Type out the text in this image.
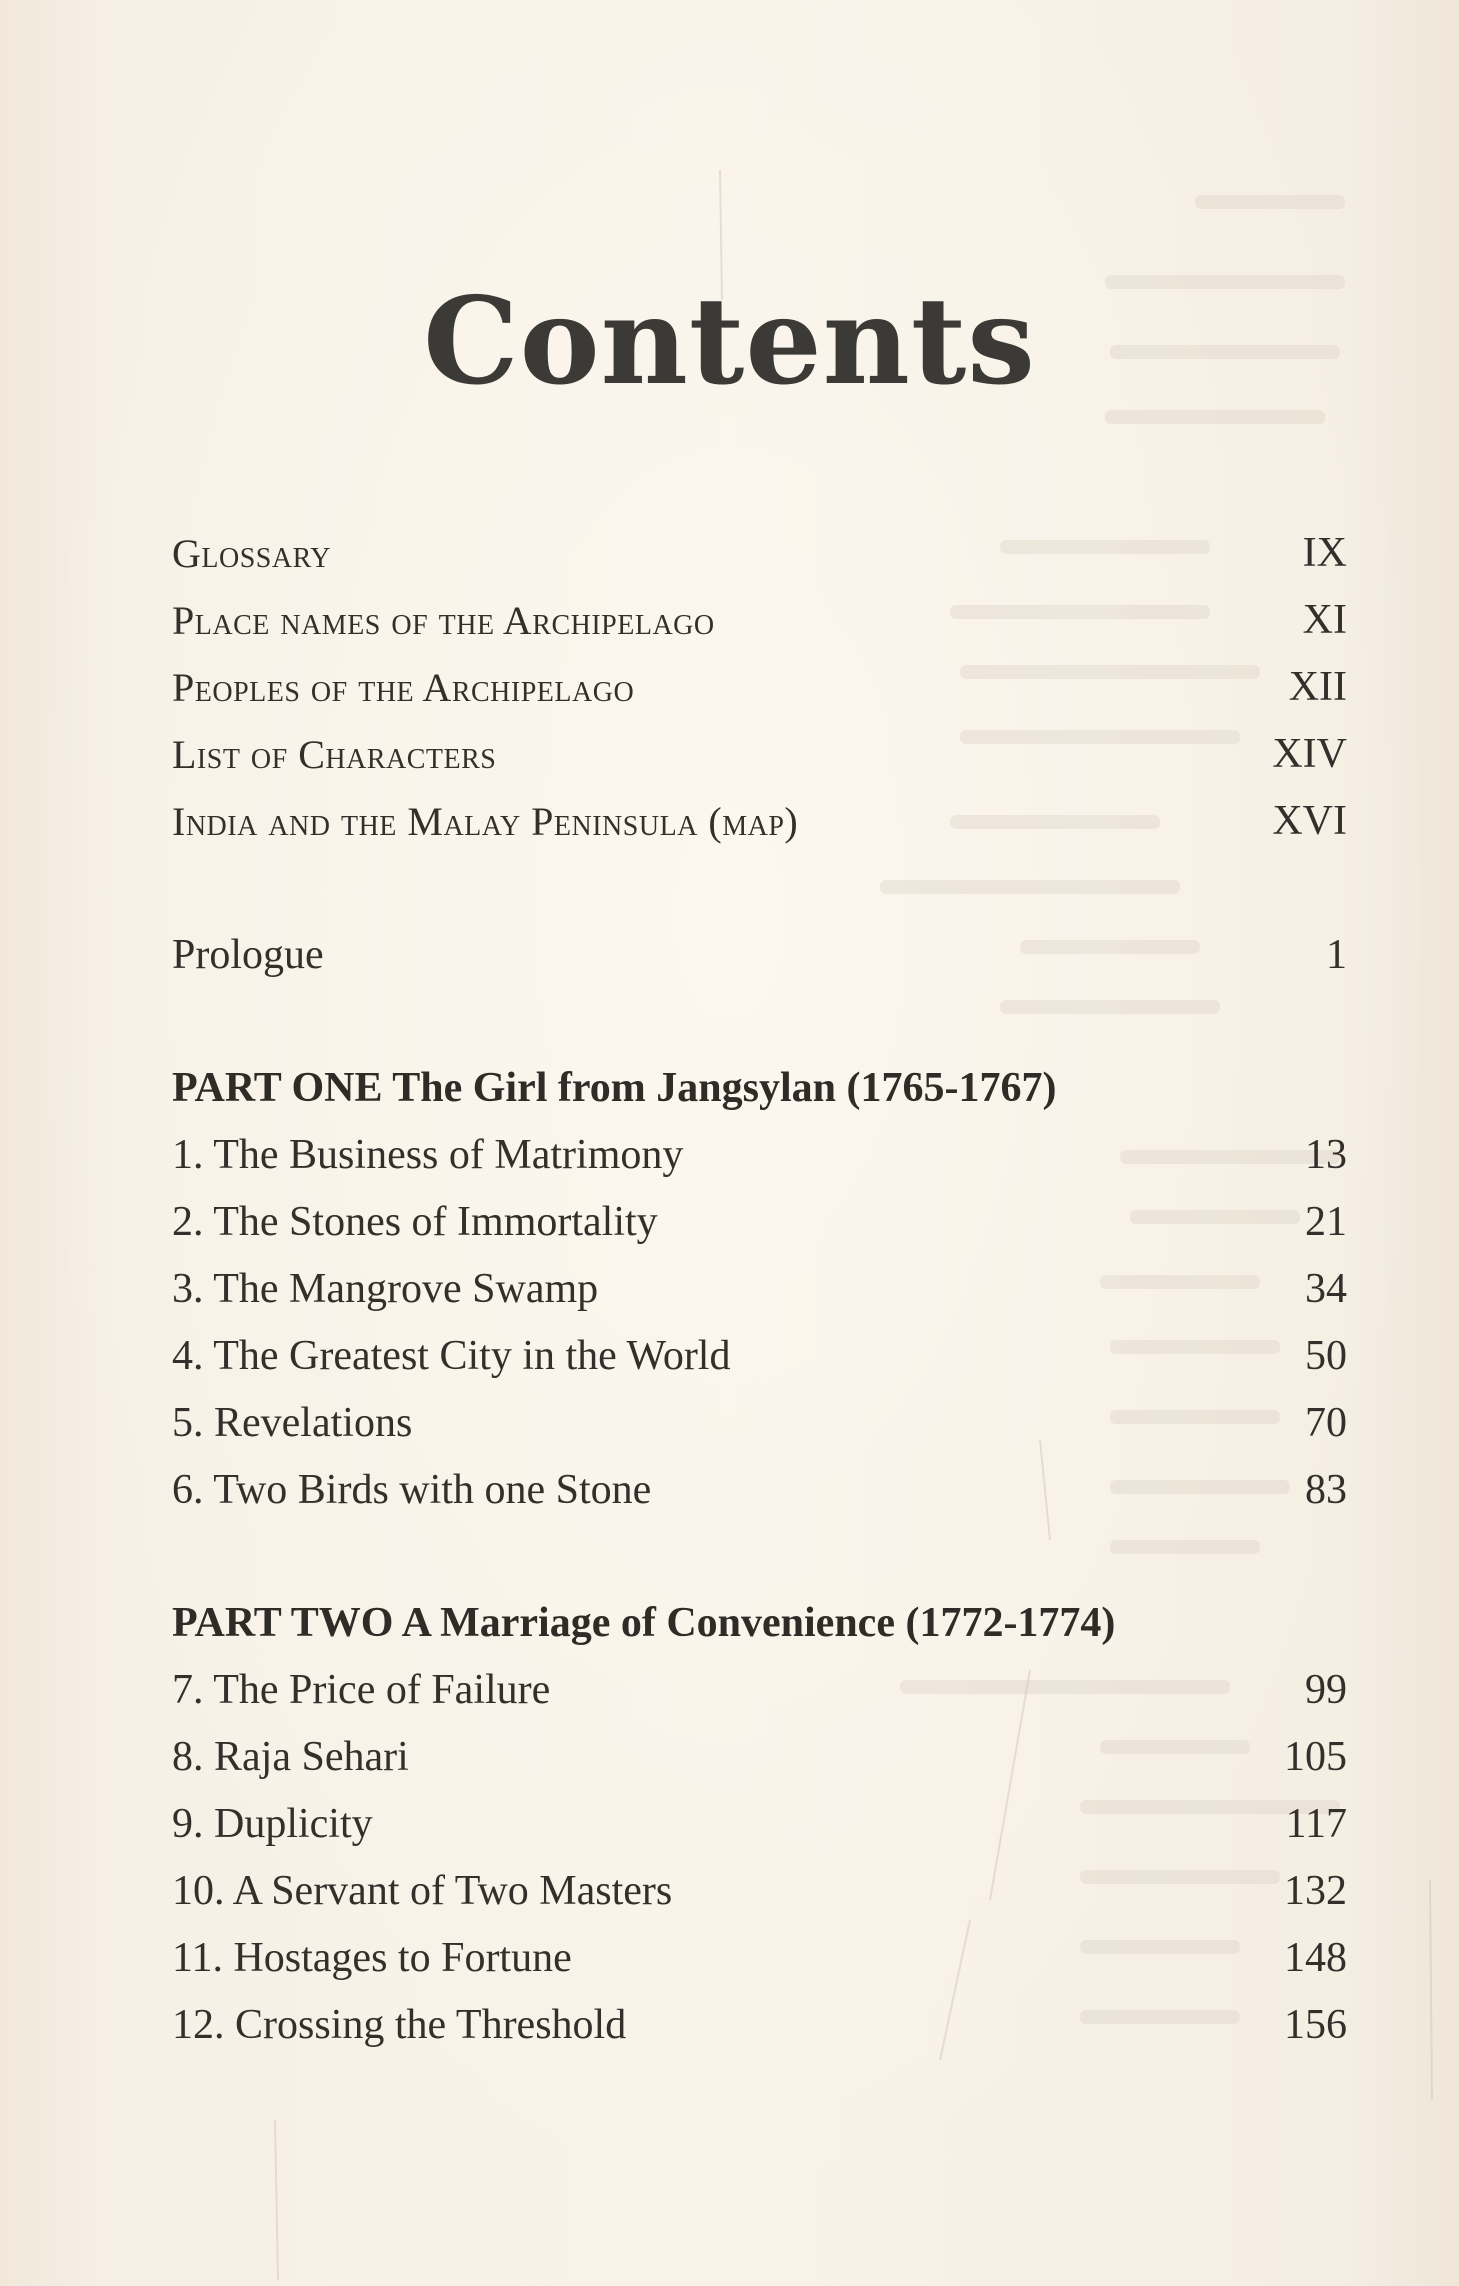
Contents
Glossary	IX
Place names of the Archipelago	XI
Peoples of the Archipelago	XII
List of Characters	XIV
India and the Malay Peninsula (map)	XVI
Prologue	1
PART ONE The Girl from Jangsylan (1765-1767)
1. The Business of Matrimony	13
2. The Stones of Immortality	21
3. The Mangrove Swamp	34
4. The Greatest City in the World	50
5. Revelations	70
6. Two Birds with one Stone	83
PART TWO A Marriage of Convenience (1772-1774)
7. The Price of Failure	99
8. Raja Sehari	105
9. Duplicity	117
10. A Servant of Two Masters	132
11. Hostages to Fortune	148
12. Crossing the Threshold	156
